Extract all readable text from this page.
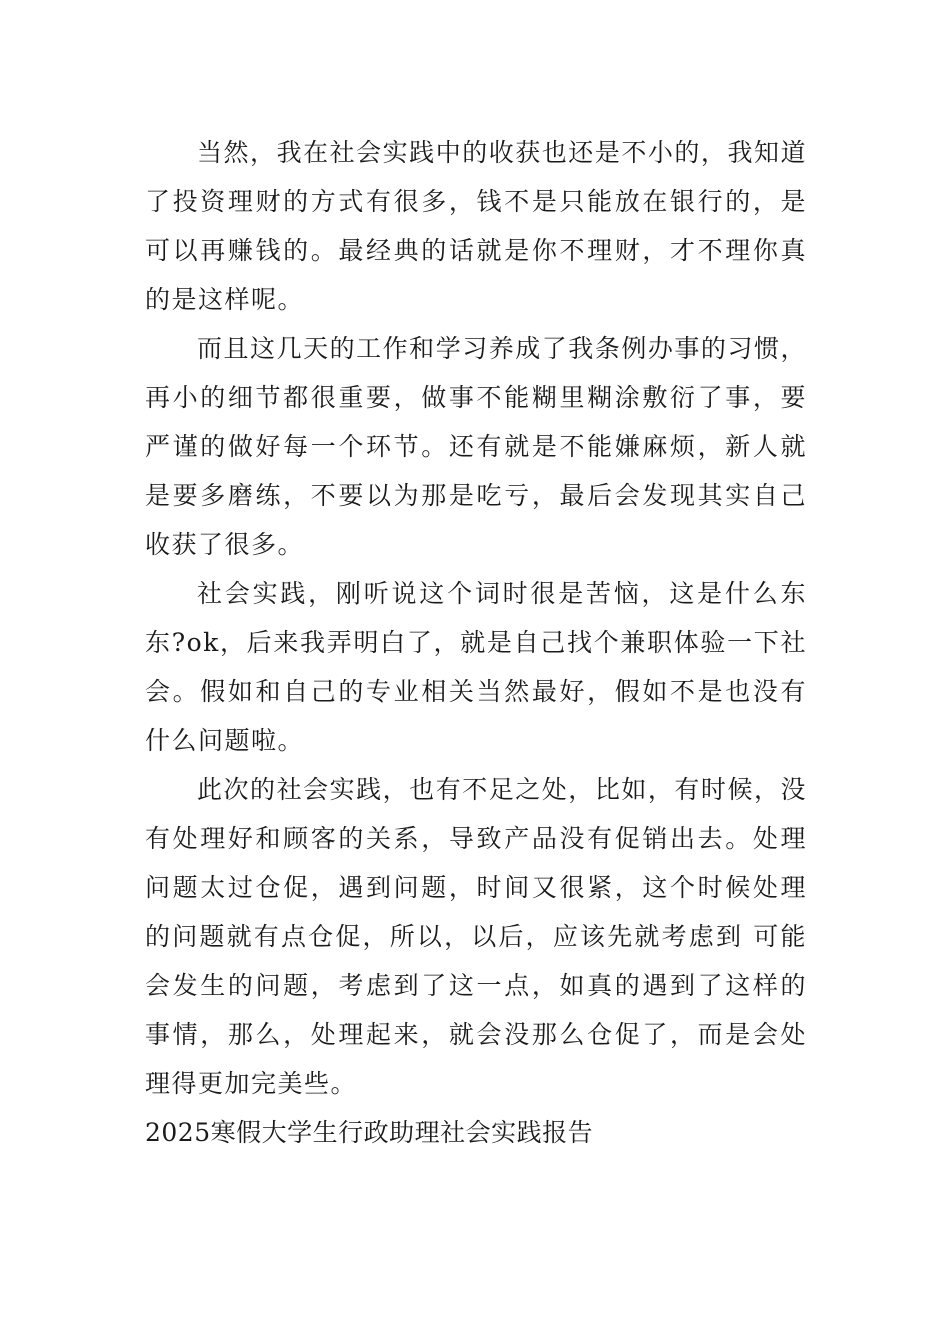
当然，我在社会实践中的收获也还是不小的，我知道了投资理财的方式有很多，钱不是只能放在银行的，是可以再赚钱的。最经典的话就是你不理财，才不理你真的是这样呢。

而且这几天的工作和学习养成了我条例办事的习惯，再小的细节都很重要，做事不能糊里糊涂敷衍了事，要严谨的做好每一个环节。还有就是不能嫌麻烦，新人就是要多磨练，不要以为那是吃亏，最后会发现其实自己收获了很多。

社会实践，刚听说这个词时很是苦恼，这是什么东东?ok，后来我弄明白了，就是自己找个兼职体验一下社会。假如和自己的专业相关当然最好，假如不是也没有什么问题啦。

此次的社会实践，也有不足之处，比如，有时候，没有处理好和顾客的关系，导致产品没有促销出去。处理问题太过仓促，遇到问题，时间又很紧，这个时候处理的问题就有点仓促，所以，以后，应该先就考虑到 可能会发生的问题，考虑到了这一点，如真的遇到了这样的事情，那么，处理起来，就会没那么仓促了，而是会处理得更加完美些。

2025寒假大学生行政助理社会实践报告
